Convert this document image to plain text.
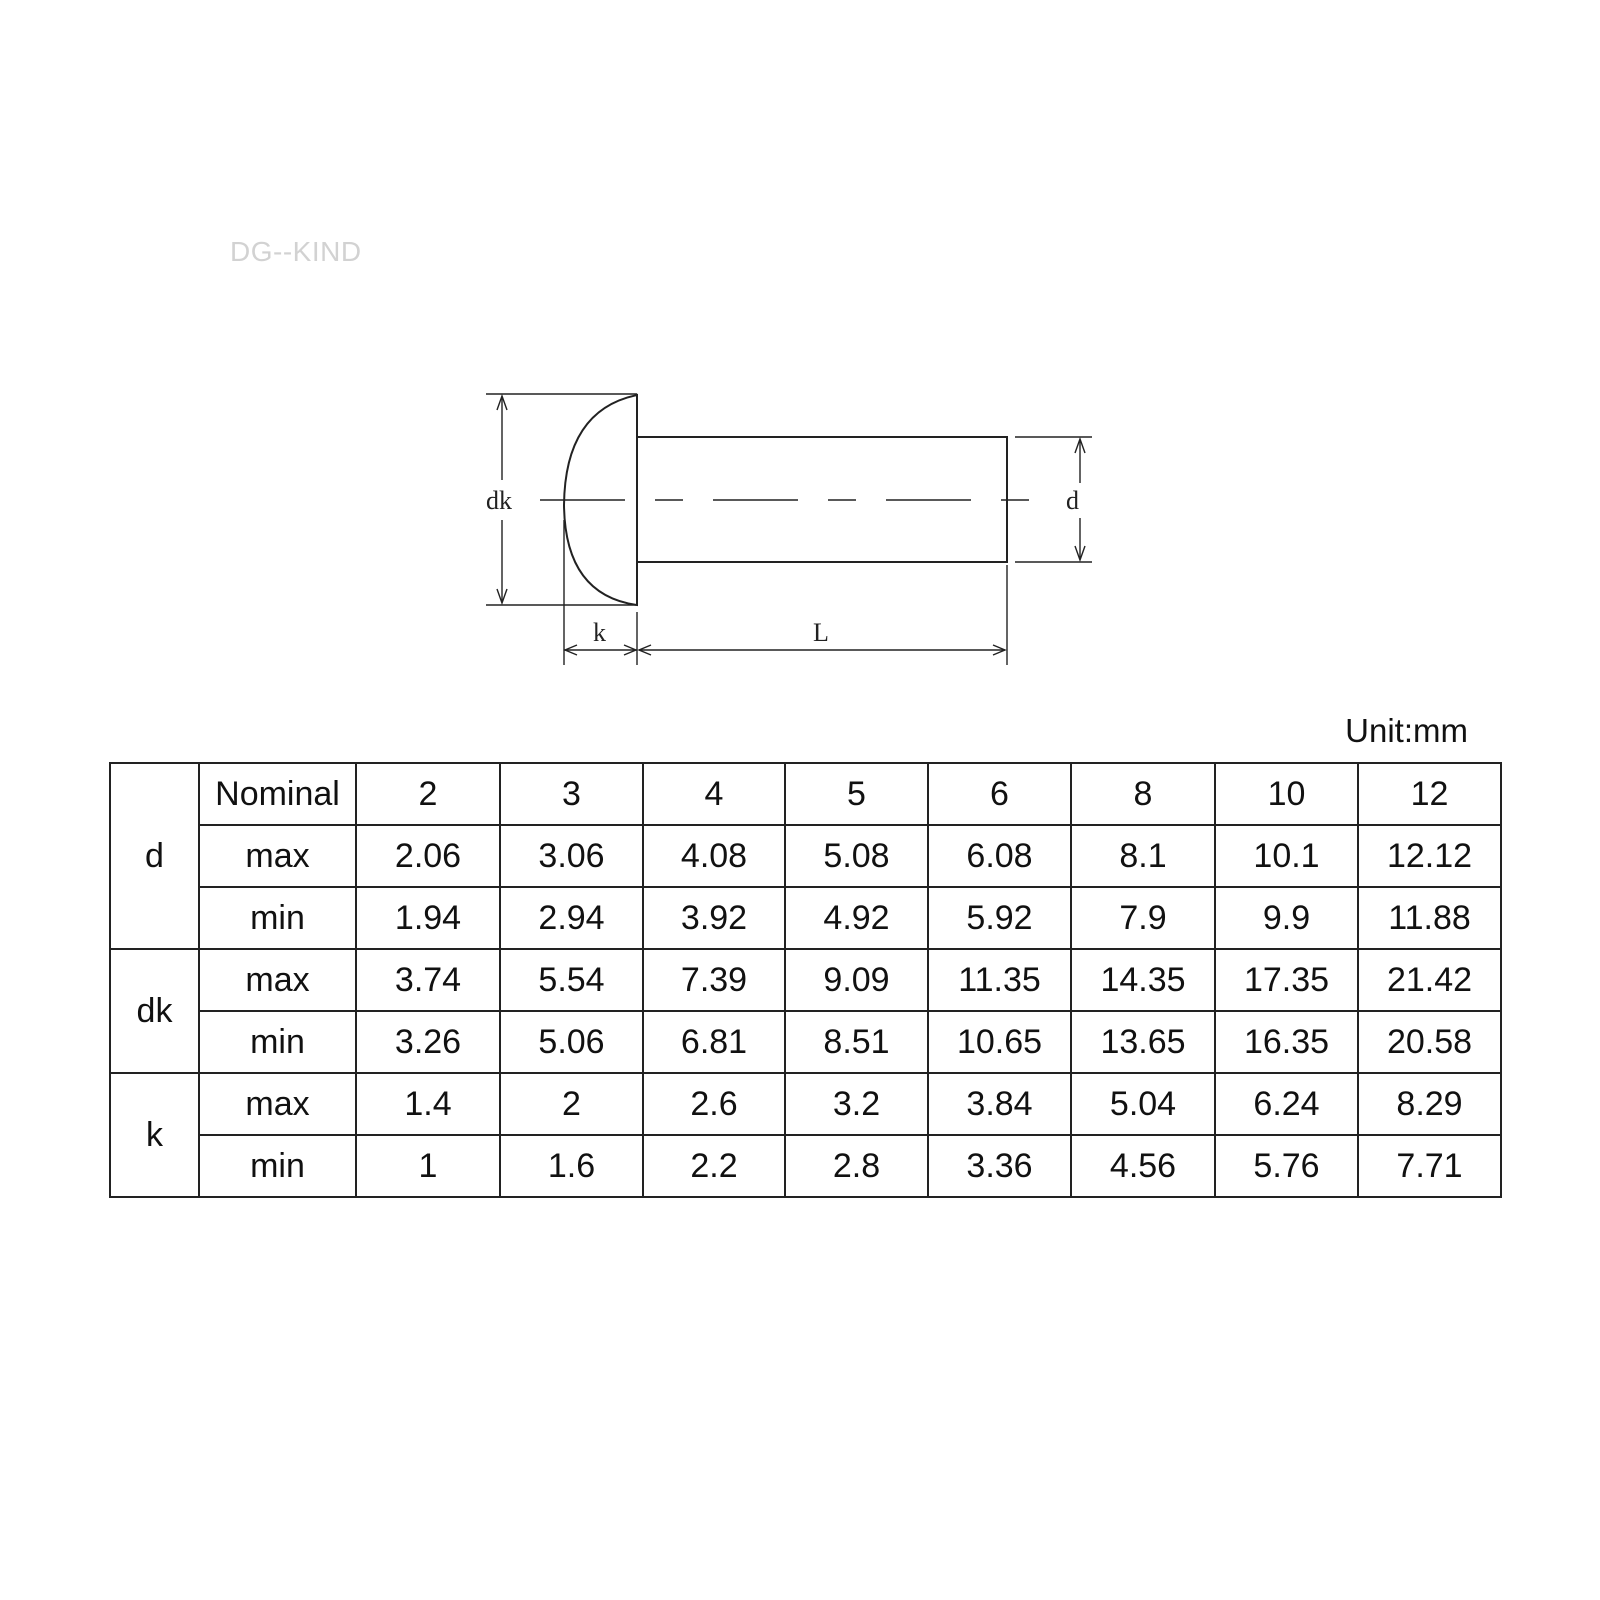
DG--KIND
dk	d
k	L
Unit:mm
d	Nominal	2	3	4	5	6	8	10	12
	max	2.06	3.06	4.08	5.08	6.08	8.1	10.1	12.12
	min	1.94	2.94	3.92	4.92	5.92	7.9	9.9	11.88
dk	max	3.74	5.54	7.39	9.09	11.35	14.35	17.35	21.42
	min	3.26	5.06	6.81	8.51	10.65	13.65	16.35	20.58
k	max	1.4	2	2.6	3.2	3.84	5.04	6.24	8.29
	min	1	1.6	2.2	2.8	3.36	4.56	5.76	7.71
